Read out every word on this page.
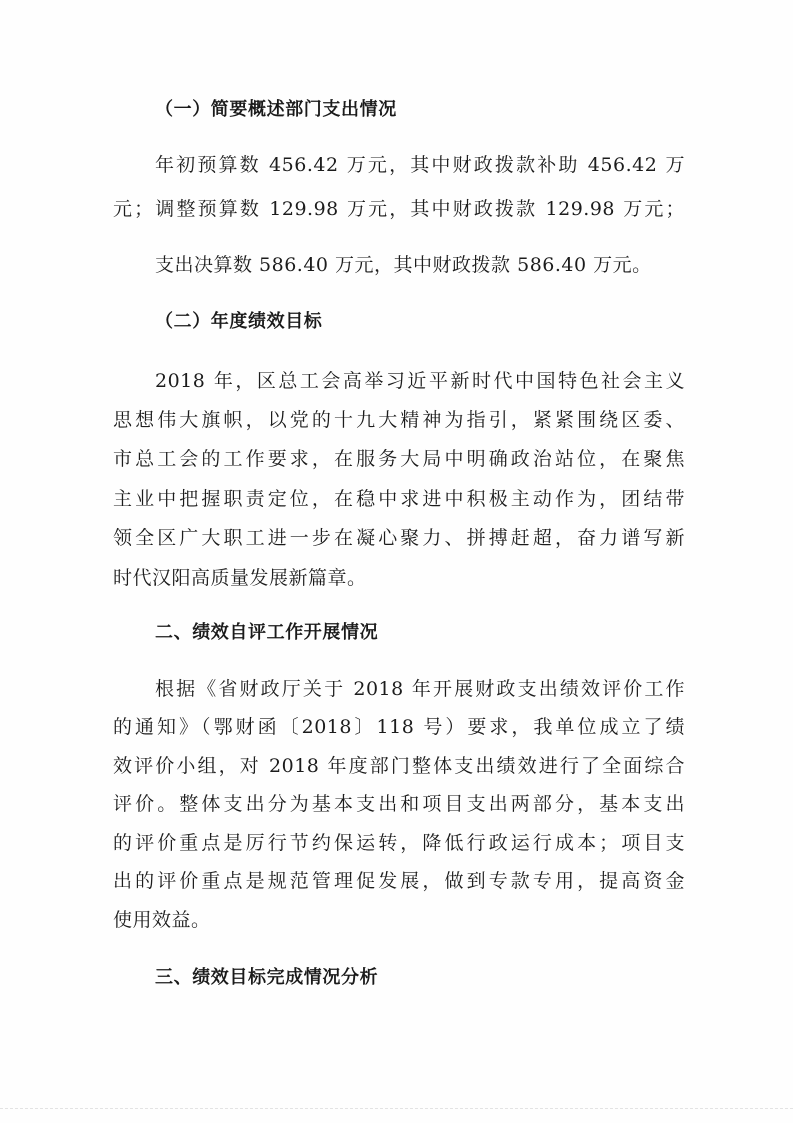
（一）简要概述部门支出情况
年初预算数 456.42 万元，其中财政拨款补助 456.42 万
元；调整预算数 129.98 万元，其中财政拨款 129.98 万元；
支出决算数 586.40 万元，其中财政拨款 586.40 万元。
（二）年度绩效目标
2018 年，区总工会高举习近平新时代中国特色社会主义
思想伟大旗帜，以党的十九大精神为指引，紧紧围绕区委、
市总工会的工作要求，在服务大局中明确政治站位，在聚焦
主业中把握职责定位，在稳中求进中积极主动作为，团结带
领全区广大职工进一步在凝心聚力、拼搏赶超，奋力谱写新
时代汉阳高质量发展新篇章。
二、绩效自评工作开展情况
根据《省财政厅关于 2018 年开展财政支出绩效评价工作
的通知》（鄂财函〔2018〕118 号）要求，我单位成立了绩
效评价小组，对 2018 年度部门整体支出绩效进行了全面综合
评价。整体支出分为基本支出和项目支出两部分，基本支出
的评价重点是厉行节约保运转，降低行政运行成本；项目支
出的评价重点是规范管理促发展，做到专款专用，提高资金
使用效益。
三、绩效目标完成情况分析
